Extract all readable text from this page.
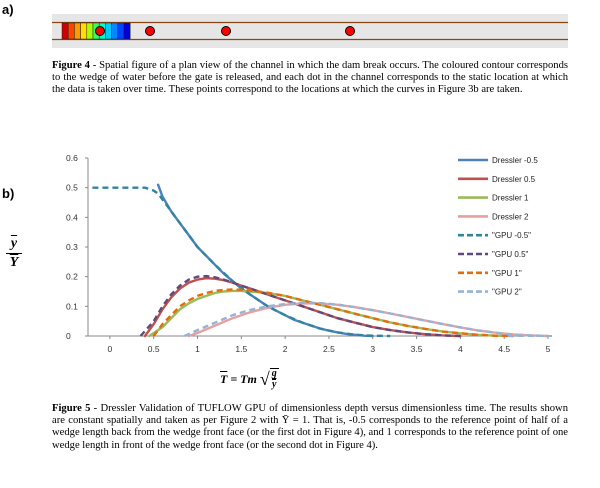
a)
Figure 4 - Spatial figure of a plan view of the channel in which the dam break occurs. The coloured contour corresponds to the wedge of water before the gate is released, and each dot in the channel corresponds to the static location at which the data is taken over time. These points correspond to the locations at which the curves in Figure 3b are taken.
b)
$\frac{\overline{y}}{Y}$
0
0.1
0.2
0.3
0.4
0.5
0.6
0	0.5	1	1.5	2	2.5	3	3.5	4	4.5	5
Dressler -0.5
Dressler 0.5
Dressler 1
Dressler 2
"GPU -0.5"
"GPU 0.5"
"GPU 1"
"GPU 2"
$\overline{T} = Tm$ √ g
$\overline{y}$
Figure 5 - Dressler Validation of TUFLOW GPU of dimensionless depth versus dimensionless time. The results shown are constant spatially and taken as per Figure 2 with Ȳ = 1. That is, -0.5 corresponds to the reference point of half of a wedge length back from the wedge front face (or the first dot in Figure 4), and 1 corresponds to the reference point of one wedge length in front of the wedge front face (or the second dot in Figure 4).
